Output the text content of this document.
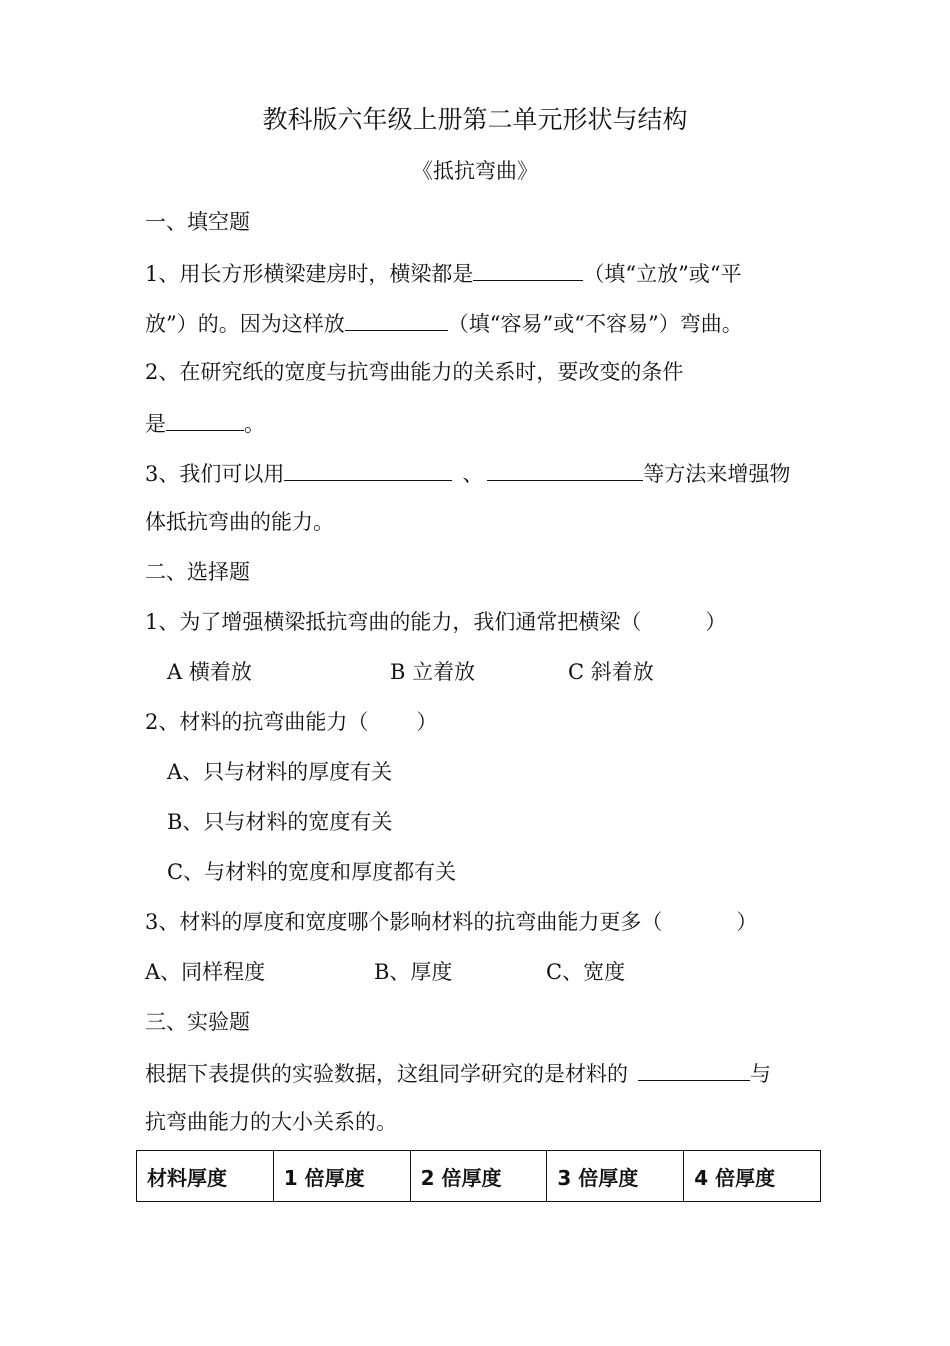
教科版六年级上册第二单元形状与结构
《抵抗弯曲》
一、填空题
1、用长方形横梁建房时，横梁都是	（填“立放”或“平
放”）的。因为这样放	（填“容易”或“不容易”）弯曲。
2、在研究纸的宽度与抗弯曲能力的关系时，要改变的条件
是	。
3、我们可以用	、	等方法来增强物
体抵抗弯曲的能力。
二、选择题
1、为了增强横梁抵抗弯曲的能力，我们通常把横梁（	）
A 横着放	B 立着放	C 斜着放
2、材料的抗弯曲能力（ ）
A、只与材料的厚度有关
B、只与材料的宽度有关
C、与材料的宽度和厚度都有关
3、材料的厚度和宽度哪个影响材料的抗弯曲能力更多（	）
A、同样程度	B、厚度	C、宽度
三、实验题
根据下表提供的实验数据，这组同学研究的是材料的	与
抗弯曲能力的大小关系的。
材料厚度	1 倍厚度	2 倍厚度	3 倍厚度	4 倍厚度
